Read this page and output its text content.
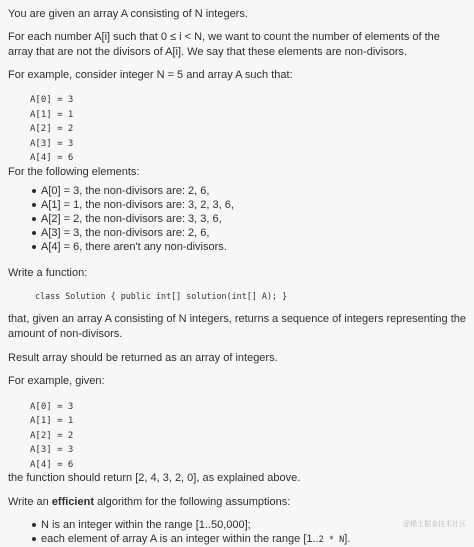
You are given an array A consisting of N integers.

For each number A[i] such that 0 ≤ i < N, we want to count the number of elements of the array that are not the divisors of A[i]. We say that these elements are non-divisors.

For example, consider integer N = 5 and array A such that:

A[0] = 3
A[1] = 1
A[2] = 2
A[3] = 3
A[4] = 6

For the following elements:

A[0] = 3, the non-divisors are: 2, 6,
A[1] = 1, the non-divisors are: 3, 2, 3, 6,
A[2] = 2, the non-divisors are: 3, 3, 6,
A[3] = 3, the non-divisors are: 2, 6,
A[4] = 6, there aren't any non-divisors.

Write a function:

class Solution { public int[] solution(int[] A); }

that, given an array A consisting of N integers, returns a sequence of integers representing the amount of non-divisors.

Result array should be returned as an array of integers.

For example, given:

A[0] = 3
A[1] = 1
A[2] = 2
A[3] = 3
A[4] = 6

the function should return [2, 4, 3, 2, 0], as explained above.

Write an efficient algorithm for the following assumptions:

N is an integer within the range [1..50,000];
each element of array A is an integer within the range [1..2 * N].
@稀土掘金技术社区
